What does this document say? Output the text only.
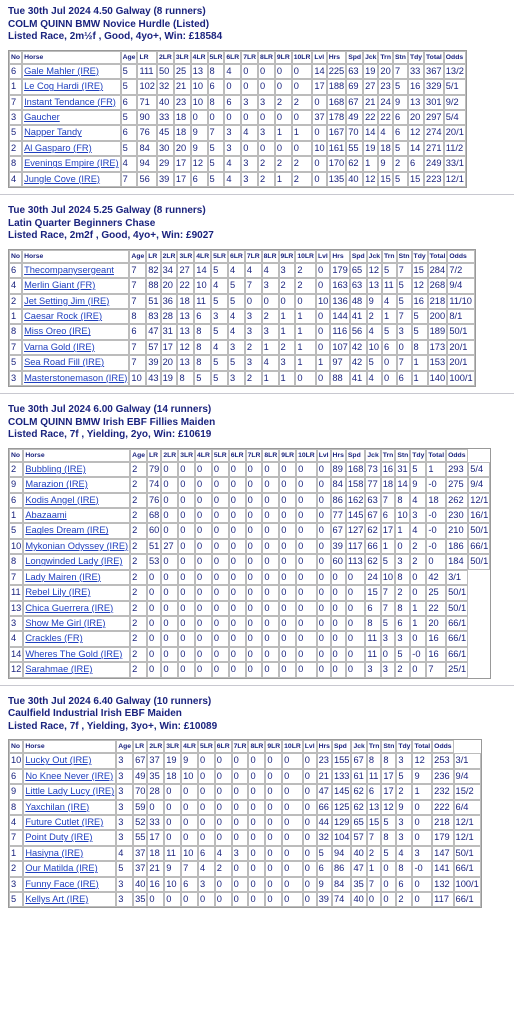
Tue 30th Jul 2024 4.50 Galway (8 runners)
COLM QUINN BMW Novice Hurdle (Listed)
Listed Race, 2m½f , Good, 4yo+, Win: £18584
No	Horse	Age	LR	2LR	3LR	4LR	5LR	6LR	7LR	8LR	9LR	10LR	Lvl	Hrs	Spd	Jck	Trn	Stn	Tdy	Total	Odds
6	Gale Mahler (IRE)	5	111	50	25	13	8	4	0	0	0	0	14	225	63	19	20	7	33	367	13/2
1	Le Cog Hardi (IRE)	5	102	32	21	10	6	0	0	0	0	0	17	188	69	27	23	5	16	329	5/1
7	Instant Tendance (FR)	6	71	40	23	10	8	6	3	3	2	2	0	168	67	21	24	9	13	301	9/2
3	Gaucher	5	90	33	18	0	0	0	0	0	0	0	37	178	49	22	22	6	20	297	5/4
5	Napper Tandy	6	76	45	18	9	7	3	4	3	1	1	0	167	70	14	4	6	12	274	20/1
2	Al Gasparo (FR)	5	84	30	20	9	5	3	0	0	0	0	10	161	55	19	18	5	14	271	11/2
8	Evenings Empire (IRE)	4	94	29	17	12	5	4	3	2	2	2	0	170	62	1	9	2	6	249	33/1
4	Jungle Cove (IRE)	7	56	39	17	6	5	4	3	2	1	2	0	135	40	12	15	5	15	223	12/1
Tue 30th Jul 2024 5.25 Galway (8 runners)
Latin Quarter Beginners Chase
Listed Race, 2m2f , Good, 4yo+, Win: £9027
No	Horse	Age	LR	2LR	3LR	4LR	5LR	6LR	7LR	8LR	9LR	10LR	Lvl	Hrs	Spd	Jck	Trn	Stn	Tdy	Total	Odds
6	Thecompanysergeant	7	82	34	27	14	5	4	4	4	3	2	0	179	65	12	5	7	15	284	7/2
4	Merlin Giant (FR)	7	88	20	22	10	4	5	7	3	2	2	0	163	63	13	11	5	12	268	9/4
2	Jet Setting Jim (IRE)	7	51	36	18	11	5	5	0	0	0	0	10	136	48	9	4	5	16	218	11/10
1	Caesar Rock (IRE)	8	83	28	13	6	3	4	3	2	1	1	0	144	41	2	1	7	5	200	8/1
8	Miss Oreo (IRE)	6	47	31	13	8	5	4	3	3	1	1	0	116	56	4	5	3	5	189	50/1
7	Varna Gold (IRE)	7	57	17	12	8	4	3	2	1	2	1	0	107	42	10	6	0	8	173	20/1
5	Sea Road Fill (IRE)	7	39	20	13	8	5	5	3	4	3	1	1	97	42	5	0	7	1	153	20/1
3	Masterstonemason (IRE)	10	43	19	8	5	5	3	2	1	1	0	0	88	41	4	0	6	1	140	100/1
Tue 30th Jul 2024 6.00 Galway (14 runners)
COLM QUINN BMW Irish EBF Fillies Maiden
Listed Race, 7f , Yielding, 2yo, Win: £10619
No	Horse	Age	LR	2LR	3LR	4LR	5LR	6LR	7LR	8LR	9LR	10LR	Lvl	Hrs	Spd	Jck	Trn	Stn	Tdy	Total	Odds	
2	Bubbling (IRE)	2	79	0	0	0	0	0	0	0	0	0	0	89	168	73	16	31	5	1	293	5/4
9	Marazion (IRE)	2	74	0	0	0	0	0	0	0	0	0	0	84	158	77	18	14	9	-0	275	9/4
6	Kodis Angel (IRE)	2	76	0	0	0	0	0	0	0	0	0	0	86	162	63	7	8	4	18	262	12/1
1	Abazaami	2	68	0	0	0	0	0	0	0	0	0	0	77	145	67	6	10	3	-0	230	16/1
5	Eagles Dream (IRE)	2	60	0	0	0	0	0	0	0	0	0	0	67	127	62	17	1	4	-0	210	50/1
10	Mykonian Odyssey (IRE)	2	51	27	0	0	0	0	0	0	0	0	0	39	117	66	1	0	2	-0	186	66/1
8	Longwinded Lady (IRE)	2	53	0	0	0	0	0	0	0	0	0	0	60	113	62	5	3	2	0	184	50/1
7	Lady Mairen (IRE)	2	0	0	0	0	0	0	0	0	0	0	0	0	0	24	10	8	0	42	3/1	
11	Rebel Lily (IRE)	2	0	0	0	0	0	0	0	0	0	0	0	0	0	15	7	2	0	25	50/1	
13	Chica Guerrera (IRE)	2	0	0	0	0	0	0	0	0	0	0	0	0	0	6	7	8	1	22	50/1	
3	Show Me Girl (IRE)	2	0	0	0	0	0	0	0	0	0	0	0	0	0	8	5	6	1	20	66/1	
4	Crackles (FR)	2	0	0	0	0	0	0	0	0	0	0	0	0	0	11	3	3	0	16	66/1	
14	Wheres The Gold (IRE)	2	0	0	0	0	0	0	0	0	0	0	0	0	0	11	0	5	-0	16	66/1	
12	Sarahmae (IRE)	2	0	0	0	0	0	0	0	0	0	0	0	0	0	3	3	2	0	7	25/1	
Tue 30th Jul 2024 6.40 Galway (10 runners)
Caulfield Industrial Irish EBF Maiden
Listed Race, 7f , Yielding, 3yo+, Win: £10089
No	Horse	Age	LR	2LR	3LR	4LR	5LR	6LR	7LR	8LR	9LR	10LR	Lvl	Hrs	Spd	Jck	Trn	Stn	Tdy	Total	Odds	
10	Lucky Out (IRE)	3	67	37	19	9	0	0	0	0	0	0	0	23	155	67	8	8	3	12	253	3/1
6	No Knee Never (IRE)	3	49	35	18	10	0	0	0	0	0	0	0	21	133	61	11	17	5	9	236	9/4
9	Little Lady Lucy (IRE)	3	70	28	0	0	0	0	0	0	0	0	0	47	145	62	6	17	2	1	232	15/2
8	Yaxchilan (IRE)	3	59	0	0	0	0	0	0	0	0	0	0	66	125	62	13	12	9	0	222	6/4
4	Future Cutlet (IRE)	3	52	33	0	0	0	0	0	0	0	0	0	44	129	65	15	5	3	0	218	12/1
7	Point Duty (IRE)	3	55	17	0	0	0	0	0	0	0	0	0	32	104	57	7	8	3	0	179	12/1
1	Hasiyna (IRE)	4	37	18	11	10	6	4	3	0	0	0	0	5	94	40	2	5	4	3	147	50/1
2	Our Matilda (IRE)	5	37	21	9	7	4	2	0	0	0	0	0	6	86	47	1	0	8	-0	141	66/1
3	Funny Face (IRE)	3	40	16	10	6	3	0	0	0	0	0	0	9	84	35	7	0	6	0	132	100/1
5	Kellys Art (IRE)	3	35	0	0	0	0	0	0	0	0	0	0	39	74	40	0	0	2	0	117	66/1
